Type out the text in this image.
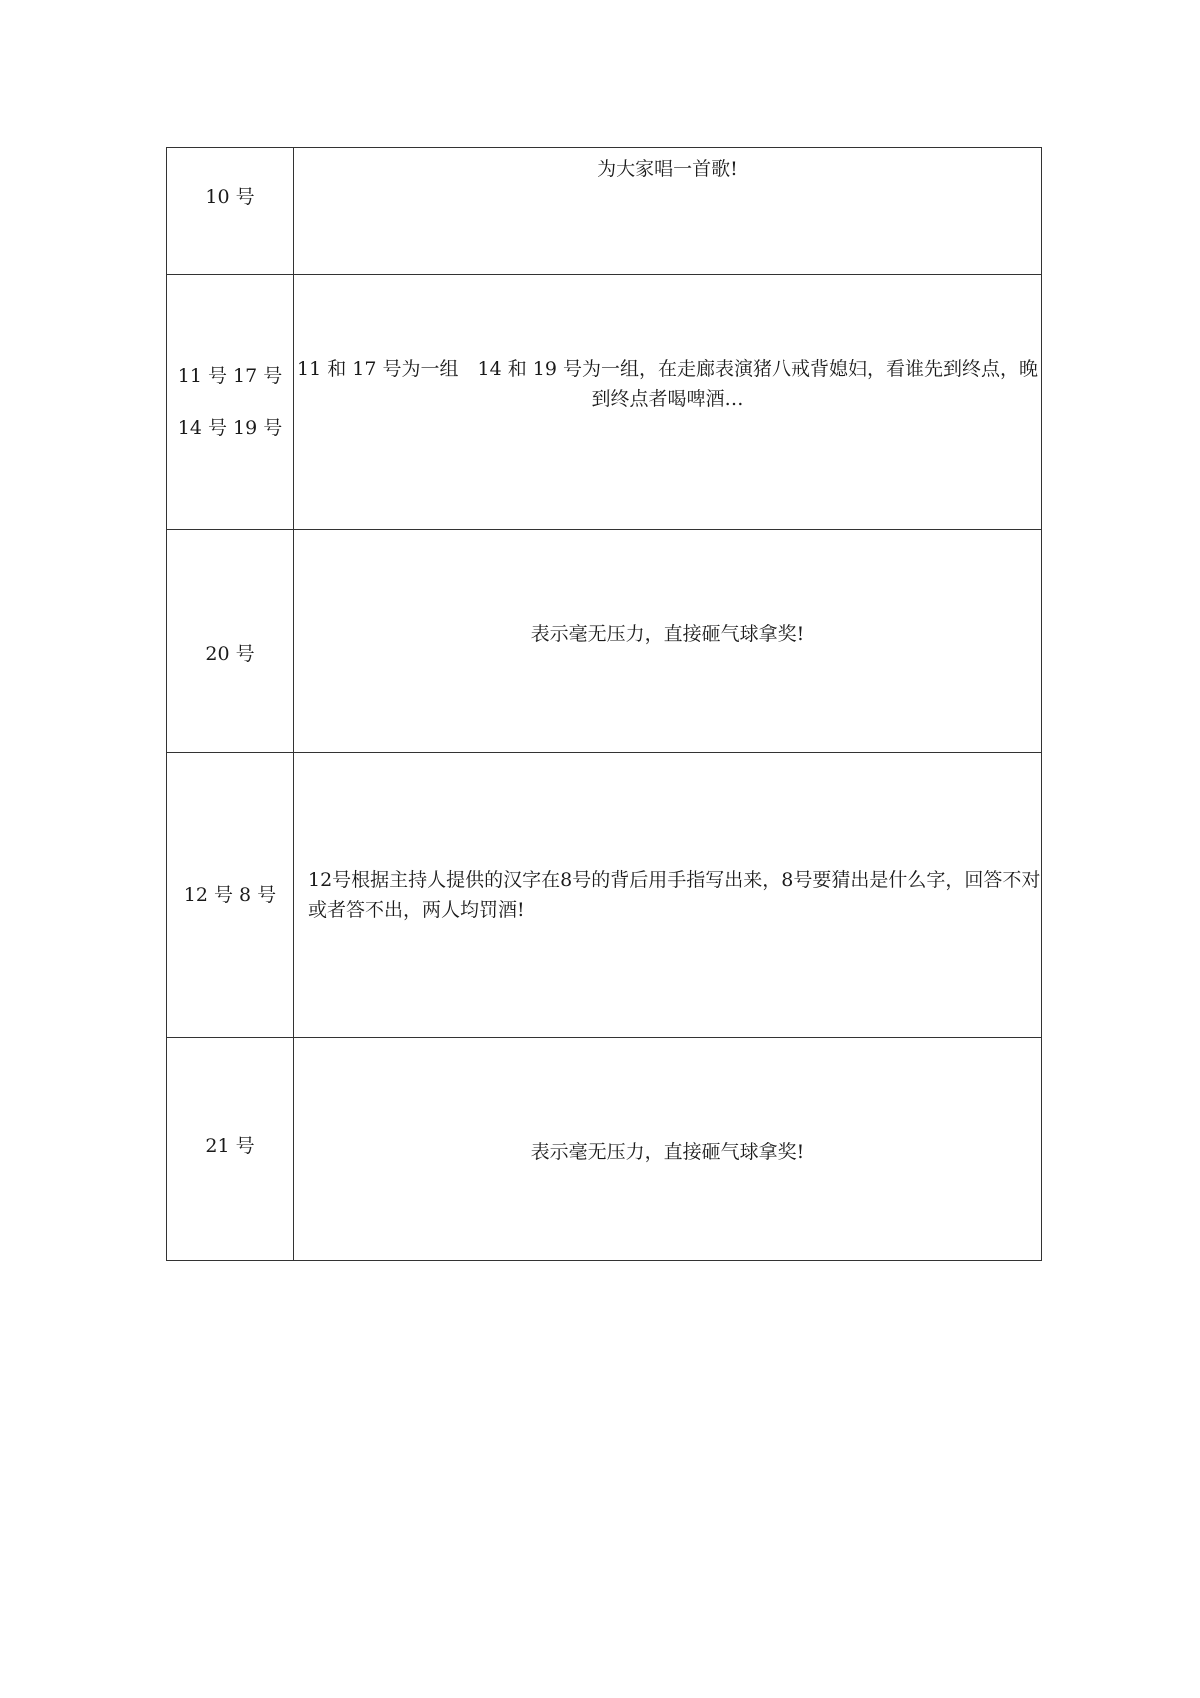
10 号	为大家唱一首歌!

11 号 17 号
14 号 19 号	11 和 17 号为一组　14 和 19 号为一组，在走廊表演猪八戒背媳妇，看谁先到终点，晚到终点者喝啤酒…

20 号	表示毫无压力，直接砸气球拿奖!

12 号 8 号	12号根据主持人提供的汉字在8号的背后用手指写出来，8号要猜出是什么字，回答不对或者答不出，两人均罚酒!

21 号	表示毫无压力，直接砸气球拿奖!
